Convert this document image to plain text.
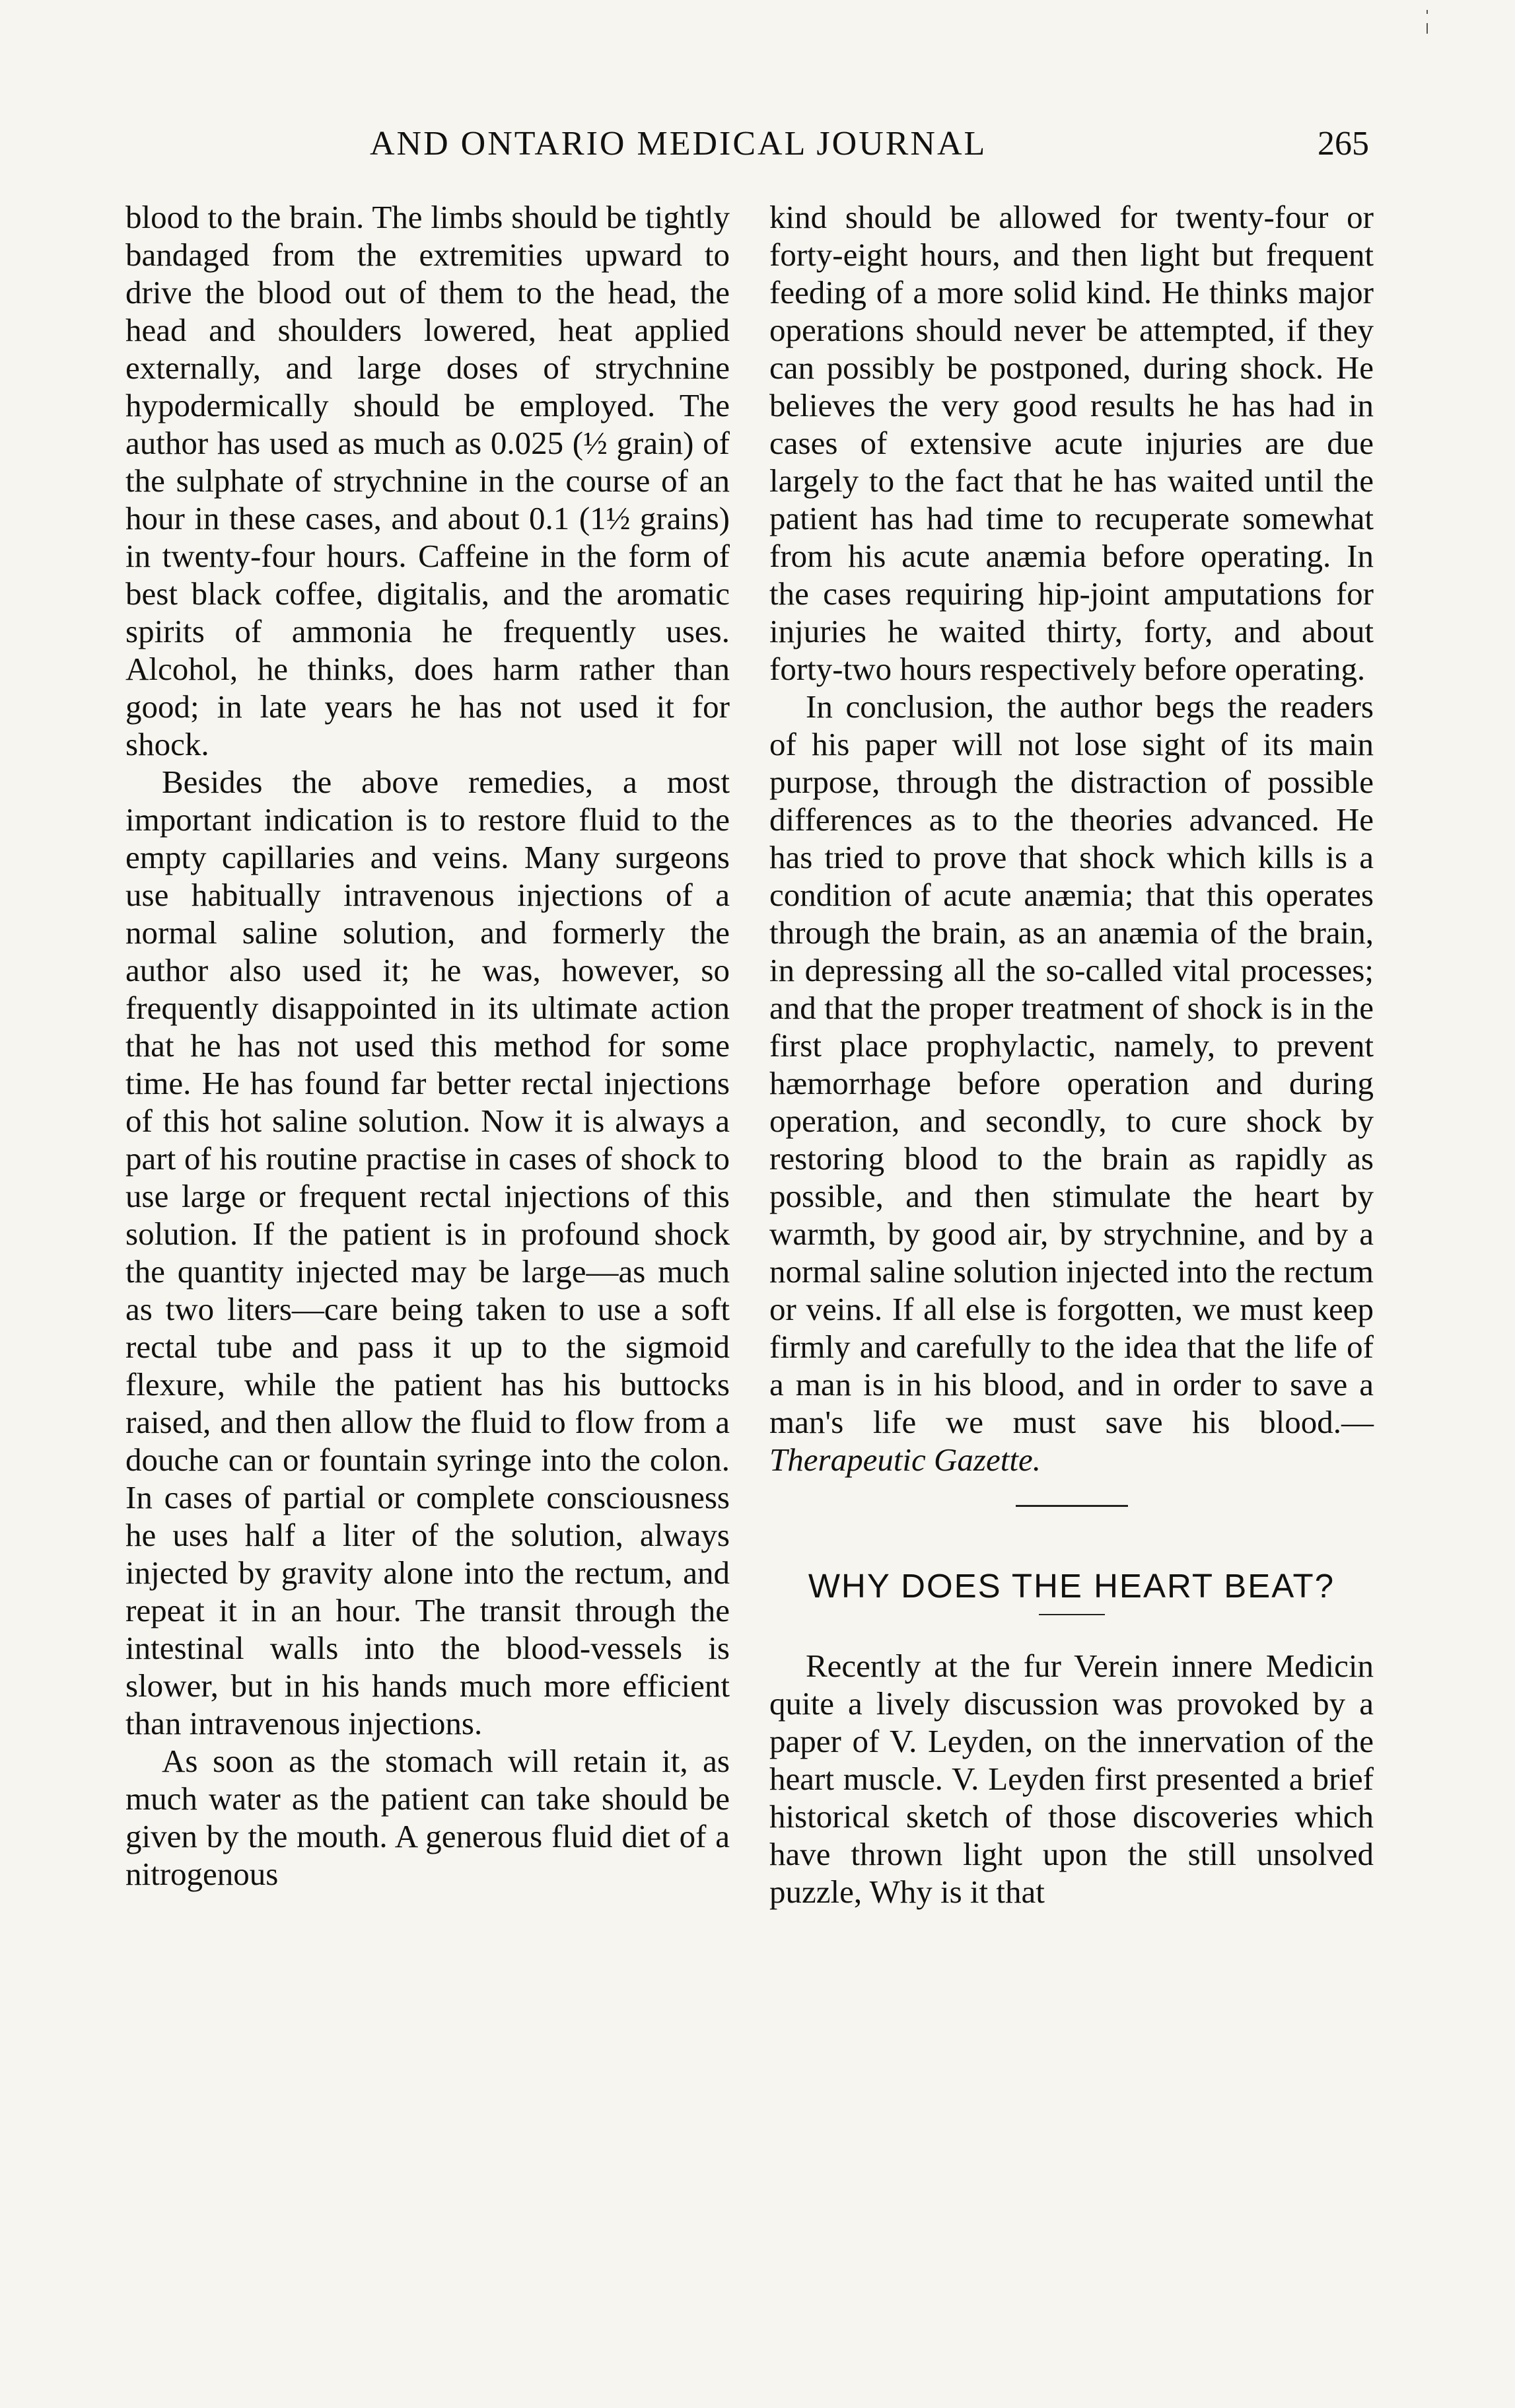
AND ONTARIO MEDICAL JOURNAL	265

blood to the brain. The limbs should be tightly bandaged from the extremities upward to drive the blood out of them to the head, the head and shoulders lowered, heat applied externally, and large doses of strychnine hypodermically should be employed. The author has used as much as 0.025 (½ grain) of the sulphate of strychnine in the course of an hour in these cases, and about 0.1 (1½ grains) in twenty-four hours. Caffeine in the form of best black coffee, digitalis, and the aromatic spirits of ammonia he frequently uses. Alcohol, he thinks, does harm rather than good; in late years he has not used it for shock.

Besides the above remedies, a most important indication is to restore fluid to the empty capillaries and veins. Many surgeons use habitually intravenous injections of a normal saline solution, and formerly the author also used it; he was, however, so frequently disappointed in its ultimate action that he has not used this method for some time. He has found far better rectal injections of this hot saline solution. Now it is always a part of his routine practise in cases of shock to use large or frequent rectal injections of this solution. If the patient is in profound shock the quantity injected may be large—as much as two liters—care being taken to use a soft rectal tube and pass it up to the sigmoid flexure, while the patient has his buttocks raised, and then allow the fluid to flow from a douche can or fountain syringe into the colon. In cases of partial or complete consciousness he uses half a liter of the solution, always injected by gravity alone into the rectum, and repeat it in an hour. The transit through the intestinal walls into the blood-vessels is slower, but in his hands much more efficient than intravenous injections.

As soon as the stomach will retain it, as much water as the patient can take should be given by the mouth. A generous fluid diet of a nitrogenous

kind should be allowed for twenty-four or forty-eight hours, and then light but frequent feeding of a more solid kind. He thinks major operations should never be attempted, if they can possibly be postponed, during shock. He believes the very good results he has had in cases of extensive acute injuries are due largely to the fact that he has waited until the patient has had time to recuperate somewhat from his acute anæmia before operating. In the cases requiring hip-joint amputations for injuries he waited thirty, forty, and about forty-two hours respectively before operating.

In conclusion, the author begs the readers of his paper will not lose sight of its main purpose, through the distraction of possible differences as to the theories advanced. He has tried to prove that shock which kills is a condition of acute anæmia; that this operates through the brain, as an anæmia of the brain, in depressing all the so-called vital processes; and that the proper treatment of shock is in the first place prophylactic, namely, to prevent hæmorrhage before operation and during operation, and secondly, to cure shock by restoring blood to the brain as rapidly as possible, and then stimulate the heart by warmth, by good air, by strychnine, and by a normal saline solution injected into the rectum or veins. If all else is forgotten, we must keep firmly and carefully to the idea that the life of a man is in his blood, and in order to save a man's life we must save his blood.—Therapeutic Gazette.

WHY DOES THE HEART BEAT?

Recently at the fur Verein innere Medicin quite a lively discussion was provoked by a paper of V. Leyden, on the innervation of the heart muscle. V. Leyden first presented a brief historical sketch of those discoveries which have thrown light upon the still unsolved puzzle, Why is it that
